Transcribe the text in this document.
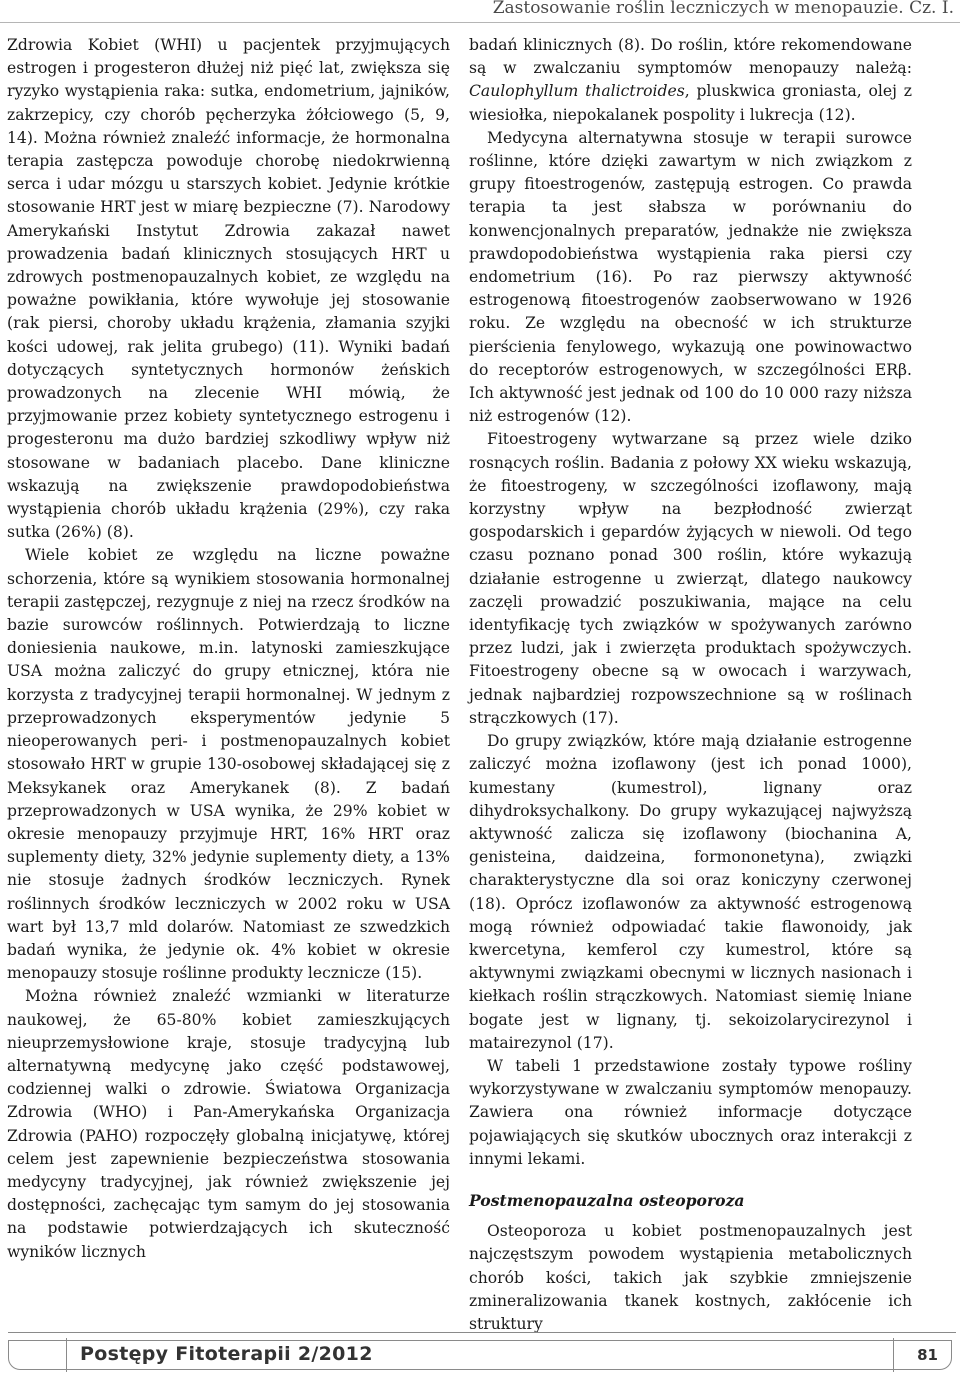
Zastosowanie roślin leczniczych w menopauzie. Cz. I.

Zdrowia Kobiet (WHI) u pacjentek przyjmujących estrogen i progesteron dłużej niż pięć lat, zwiększa się ryzyko wystąpienia raka: sutka, endometrium, jajników, zakrzepicy, czy chorób pęcherzyka żółciowego (5, 9, 14). Można również znaleźć informacje, że hormonalna terapia zastępcza powoduje chorobę niedokrwienną serca i udar mózgu u starszych kobiet. Jedynie krótkie stosowanie HRT jest w miarę bezpieczne (7). Narodowy Amerykański Instytut Zdrowia zakazał nawet prowadzenia badań klinicznych stosujących HRT u zdrowych postmenopauzalnych kobiet, ze względu na poważne powikłania, które wywołuje jej stosowanie (rak piersi, choroby układu krążenia, złamania szyjki kości udowej, rak jelita grubego) (11). Wyniki badań dotyczących syntetycznych hormonów żeńskich prowadzonych na zlecenie WHI mówią, że przyjmowanie przez kobiety syntetycznego estrogenu i progesteronu ma dużo bardziej szkodliwy wpływ niż stosowane w badaniach placebo. Dane kliniczne wskazują na zwiększenie prawdopodobieństwa wystąpienia chorób układu krążenia (29%), czy raka sutka (26%) (8).

Wiele kobiet ze względu na liczne poważne schorzenia, które są wynikiem stosowania hormonalnej terapii zastępczej, rezygnuje z niej na rzecz środków na bazie surowców roślinnych. Potwierdzają to liczne doniesienia naukowe, m.in. latynoski zamieszkujące USA można zaliczyć do grupy etnicznej, która nie korzysta z tradycyjnej terapii hormonalnej. W jednym z przeprowadzonych eksperymentów jedynie 5 nieoperowanych peri- i postmenopauzalnych kobiet stosowało HRT w grupie 130-osobowej składającej się z Meksykanek oraz Amerykanek (8). Z badań przeprowadzonych w USA wynika, że 29% kobiet w okresie menopauzy przyjmuje HRT, 16% HRT oraz suplementy diety, 32% jedynie suplementy diety, a 13% nie stosuje żadnych środków leczniczych. Rynek roślinnych środków leczniczych w 2002 roku w USA wart był 13,7 mld dolarów. Natomiast ze szwedzkich badań wynika, że jedynie ok. 4% kobiet w okresie menopauzy stosuje roślinne produkty lecznicze (15).

Można również znaleźć wzmianki w literaturze naukowej, że 65-80% kobiet zamieszkujących nieuprzemysłowione kraje, stosuje tradycyjną lub alternatywną medycynę jako część podstawowej, codziennej walki o zdrowie. Światowa Organizacja Zdrowia (WHO) i Pan-Amerykańska Organizacja Zdrowia (PAHO) rozpoczęły globalną inicjatywę, której celem jest zapewnienie bezpieczeństwa stosowania medycyny tradycyjnej, jak również zwiększenie jej dostępności, zachęcając tym samym do jej stosowania na podstawie potwierdzających ich skuteczność wyników licznych

badań klinicznych (8). Do roślin, które rekomendowane są w zwalczaniu symptomów menopauzy należą: Caulophyllum thalictroides, pluskwica groniasta, olej z wiesiołka, niepokalanek pospolity i lukrecja (12).

Medycyna alternatywna stosuje w terapii surowce roślinne, które dzięki zawartym w nich związkom z grupy fitoestrogenów, zastępują estrogen. Co prawda terapia ta jest słabsza w porównaniu do konwencjonalnych preparatów, jednakże nie zwiększa prawdopodobieństwa wystąpienia raka piersi czy endometrium (16). Po raz pierwszy aktywność estrogenową fitoestrogenów zaobserwowano w 1926 roku. Ze względu na obecność w ich strukturze pierścienia fenylowego, wykazują one powinowactwo do receptorów estrogenowych, w szczególności ERβ. Ich aktywność jest jednak od 100 do 10 000 razy niższa niż estrogenów (12).

Fitoestrogeny wytwarzane są przez wiele dziko rosnących roślin. Badania z połowy XX wieku wskazują, że fitoestrogeny, w szczególności izoflawony, mają korzystny wpływ na bezpłodność zwierząt gospodarskich i gepardów żyjących w niewoli. Od tego czasu poznano ponad 300 roślin, które wykazują działanie estrogenne u zwierząt, dlatego naukowcy zaczęli prowadzić poszukiwania, mające na celu identyfikację tych związków w spożywanych zarówno przez ludzi, jak i zwierzęta produktach spożywczych. Fitoestrogeny obecne są w owocach i warzywach, jednak najbardziej rozpowszechnione są w roślinach strączkowych (17).

Do grupy związków, które mają działanie estrogenne zaliczyć można izoflawony (jest ich ponad 1000), kumestany (kumestrol), lignany oraz dihydroksychalkony. Do grupy wykazującej najwyższą aktywność zalicza się izoflawony (biochanina A, genisteina, daidzeina, formononetyna), związki charakterystyczne dla soi oraz koniczyny czerwonej (18). Oprócz izoflawonów za aktywność estrogenową mogą również odpowiadać takie flawonoidy, jak kwercetyna, kemferol czy kumestrol, które są aktywnymi związkami obecnymi w licznych nasionach i kiełkach roślin strączkowych. Natomiast siemię lniane bogate jest w lignany, tj. sekoizolarycirezynol i matairezynol (17).

W tabeli 1 przedstawione zostały typowe rośliny wykorzystywane w zwalczaniu symptomów menopauzy. Zawiera ona również informacje dotyczące pojawiających się skutków ubocznych oraz interakcji z innymi lekami.

Postmenopauzalna osteoporoza

Osteoporoza u kobiet postmenopauzalnych jest najczęstszym powodem wystąpienia metabolicznych chorób kości, takich jak szybkie zmniejszenie zmineralizowania tkanek kostnych, zakłócenie ich struktury

Postępy Fitoterapii 2/2012	81
